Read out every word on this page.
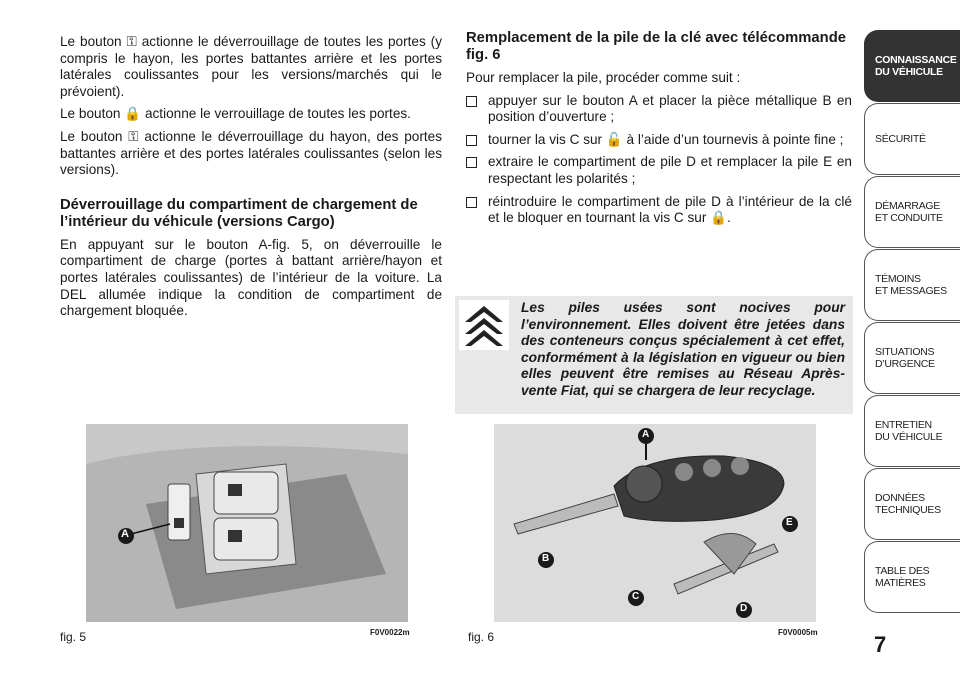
Le bouton ⚿ actionne le déverrouillage de toutes les portes (y compris le hayon, les portes battantes arrière et les portes latérales coulissantes pour les versions/marchés qui le prévoient).

Le bouton 🔒 actionne le verrouillage de toutes les portes.

Le bouton ⚿ actionne le déverrouillage du hayon, des portes battantes arrière et des portes latérales coulissantes (selon les versions).

Déverrouillage du compartiment de chargement de l’intérieur du véhicule (versions Cargo)

En appuyant sur le bouton A-fig. 5, on déverrouille le compartiment de charge (portes à battant arrière/hayon et portes latérales coulissantes) de l’intérieur de la voiture. La DEL allumée indique la condition de compartiment de chargement bloquée.

Remplacement de la pile de la clé avec télécommande fig. 6

Pour remplacer la pile, procéder comme suit :

appuyer sur le bouton A et placer la pièce métallique B en position d’ouverture ;
tourner la vis C sur 🔓 à l’aide d’un tournevis à pointe fine ;
extraire le compartiment de pile D et remplacer la pile E en respectant les polarités ;
réintroduire le compartiment de pile D à l’intérieur de la clé et le bloquer en tournant la vis C sur 🔒.
Les piles usées sont nocives pour l’environnement. Elles doivent être jetées dans des conteneurs conçus spécialement à cet effet, conformément à la législation en vigueur ou bien elles peuvent être remises au Réseau Après-vente Fiat, qui se chargera de leur recyclage.
A
fig. 5	F0V0022m
A
B
C
D
E
fig. 6	F0V0005m
CONNAISSANCE
DU VÉHICULE
SÉCURITÉ
DÉMARRAGE
ET CONDUITE
TÉMOINS
ET MESSAGES
SITUATIONS
D’URGENCE
ENTRETIEN
DU VÉHICULE
DONNÉES
TECHNIQUES
TABLE DES
MATIÈRES
7
